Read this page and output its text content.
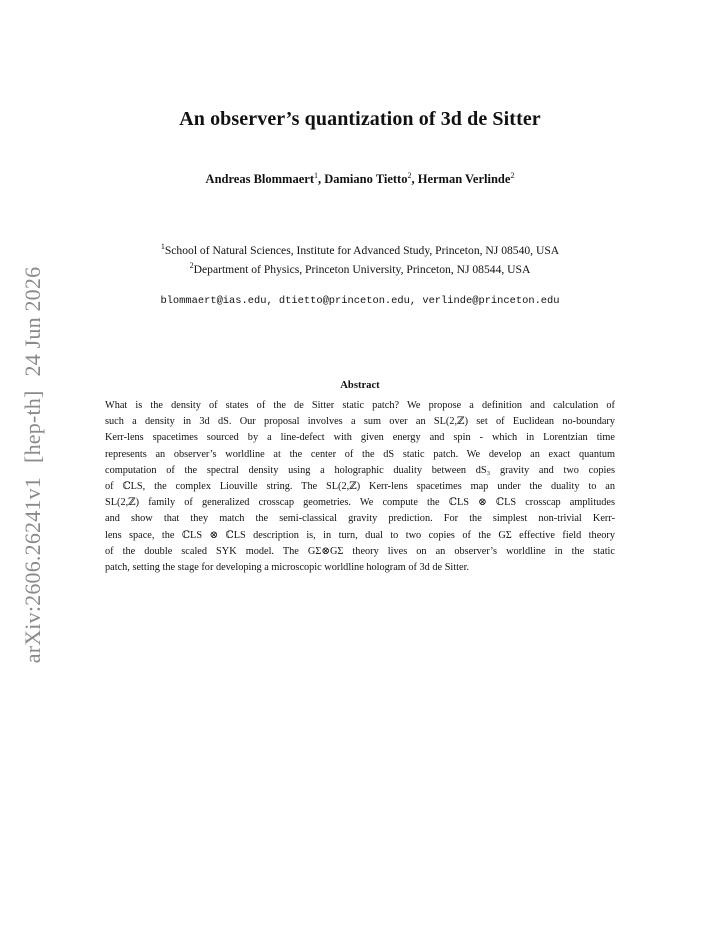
arXiv:2606.26241v1[hep-th]24 Jun 2026
An observer’s quantization of 3d de Sitter
Andreas Blommaert$^1$, Damiano Tietto$^2$, Herman Verlinde$^2$
$^1$School of Natural Sciences, Institute for Advanced Study, Princeton, NJ 08540, USA
$^2$Department of Physics, Princeton University, Princeton, NJ 08544, USA
blommaert@ias.edu, dtietto@princeton.edu, verlinde@princeton.edu
Abstract
What is the density of states of the de Sitter static patch? We propose a definition and calculation of
such a density in 3d dS. Our proposal involves a sum over an SL(2,ℤ) set of Euclidean no-boundary
Kerr-lens spacetimes sourced by a line-defect with given energy and spin - which in Lorentzian time
represents an observer’s worldline at the center of the dS static patch. We develop an exact quantum
computation of the spectral density using a holographic duality between dS₃ gravity and two copies
of ℂLS, the complex Liouville string. The SL(2,ℤ) Kerr-lens spacetimes map under the duality to an
SL(2,ℤ) family of generalized crosscap geometries. We compute the ℂLS ⊗ ℂLS crosscap amplitudes
and show that they match the semi-classical gravity prediction. For the simplest non-trivial Kerr-
lens space, the ℂLS ⊗ ℂLS description is, in turn, dual to two copies of the GΣ effective field theory
of the double scaled SYK model. The GΣ⊗GΣ theory lives on an observer’s worldline in the static
patch, setting the stage for developing a microscopic worldline hologram of 3d de Sitter.
